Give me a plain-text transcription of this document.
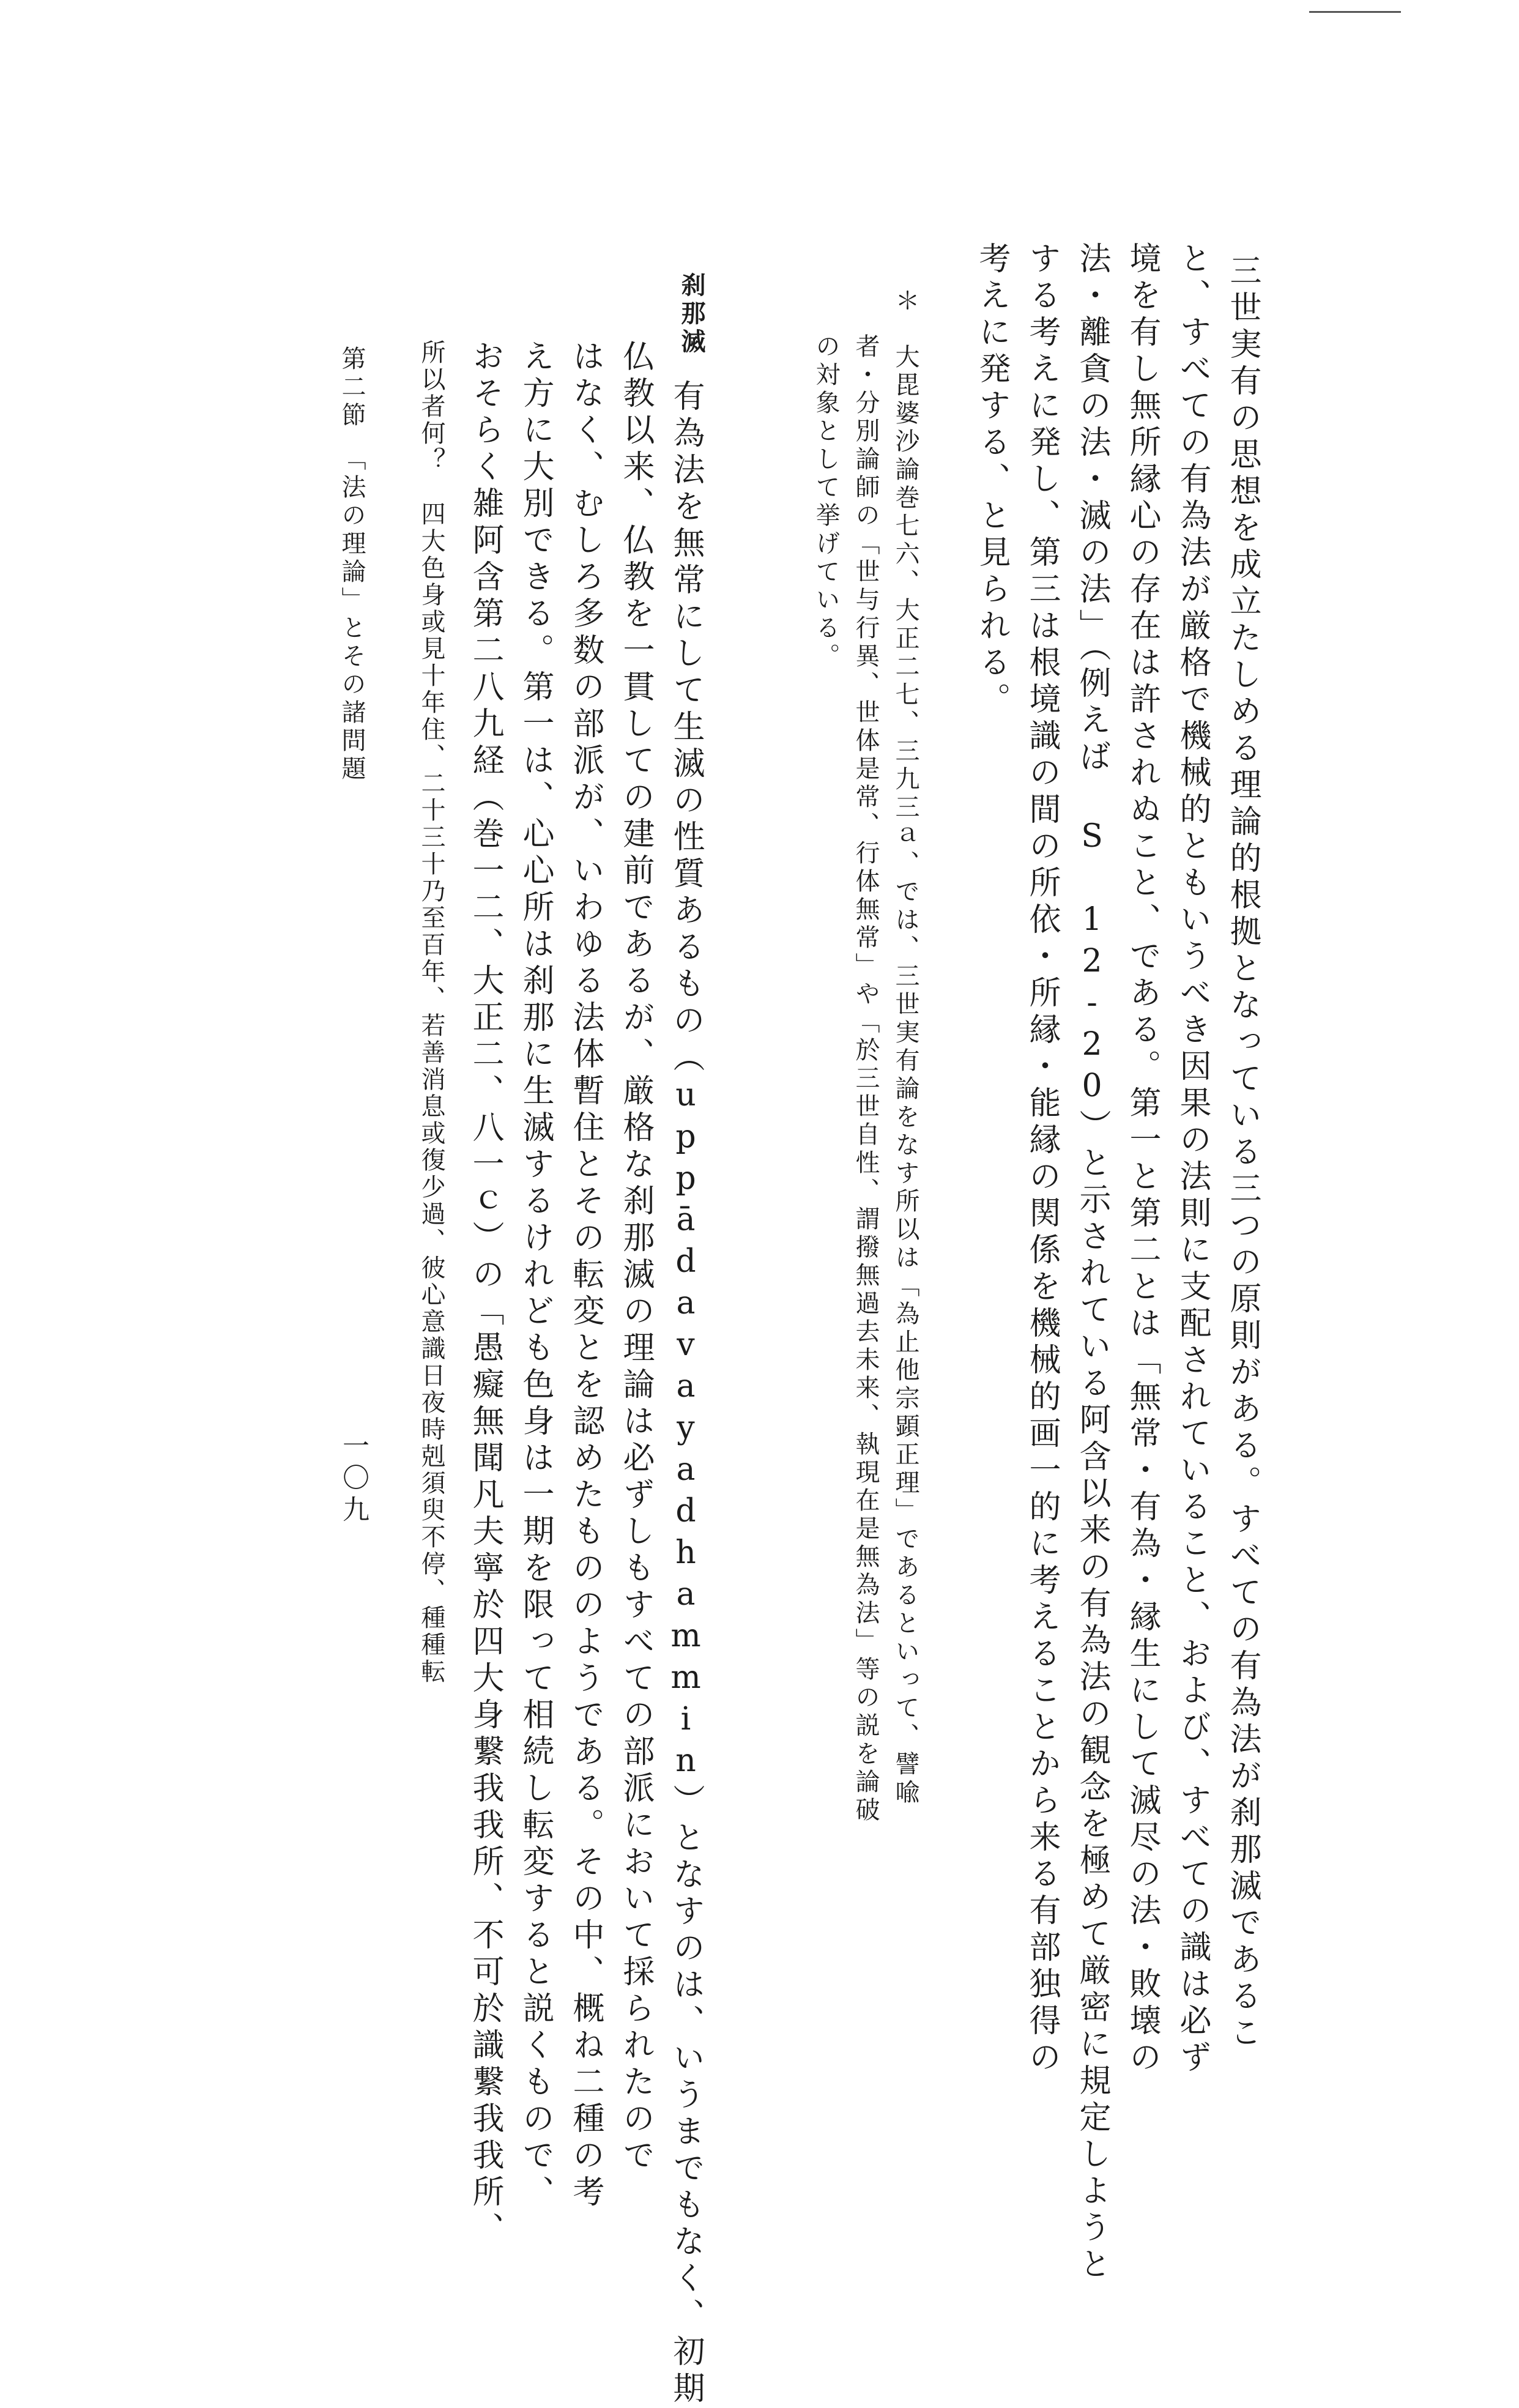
三世実有の思想を成立たしめる理論的根拠となっている三つの原則がある。すべての有為法が刹那滅であるこ
と、すべての有為法が厳格で機械的ともいうべき因果の法則に支配されていること、および、すべての識は必ず
境を有し無所縁心の存在は許されぬこと、である。第一と第二とは「無常・有為・縁生にして滅尽の法・敗壊の
法・離貪の法・滅の法」（例えば S 12-20）と示されている阿含以来の有為法の観念を極めて厳密に規定しようと
する考えに発し、第三は根境識の間の所依・所縁・能縁の関係を機械的画一的に考えることから来る有部独得の
考えに発する、と見られる。
＊　大毘婆沙論巻七六、大正二七、三九三ａ、では、三世実有論をなす所以は「為止他宗顕正理」であるといって、譬喩
者・分別論師の「世与行異、世体是常、行体無常」や「於三世自性、謂撥無過去未来、執現在是無為法」等の説を論破
の対象として挙げている。
刹那滅
有為法を無常にして生滅の性質あるもの（uppādavayadhammin）となすのは、いうまでもなく、初期
仏教以来、仏教を一貫しての建前であるが、厳格な刹那滅の理論は必ずしもすべての部派において採られたので
はなく、むしろ多数の部派が、いわゆる法体暫住とその転変とを認めたもののようである。その中、概ね二種の考
え方に大別できる。第一は、心心所は刹那に生滅するけれども色身は一期を限って相続し転変すると説くもので、
おそらく雑阿含第二八九経（巻一二、大正二、八一ｃ）の「愚癡無聞凡夫寧於四大身繋我我所、不可於識繋我我所、
所以者何？　四大色身或見十年住、二十三十乃至百年、若善消息或復少過、彼心意識日夜時剋須臾不停、種種転
第二節　「法の理論」とその諸問題
一〇九
